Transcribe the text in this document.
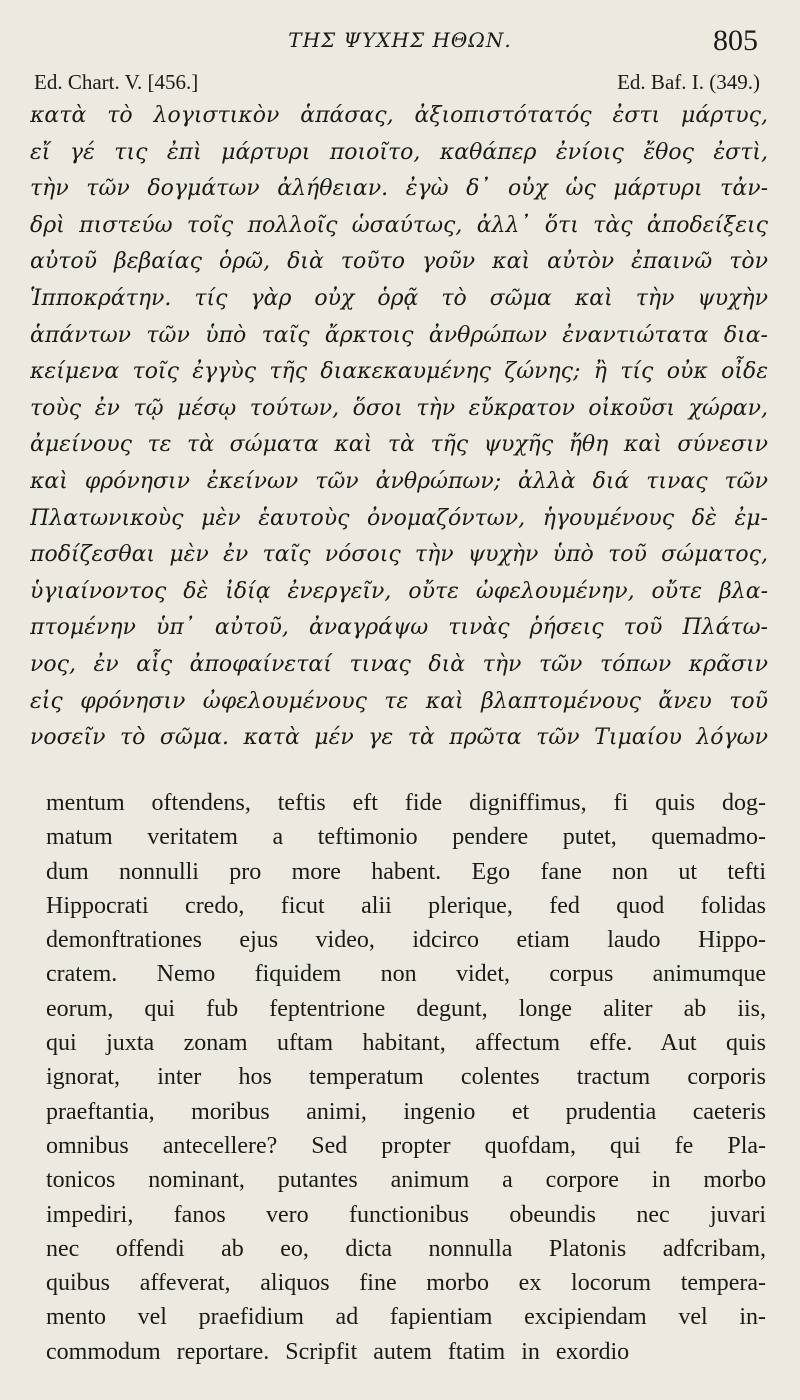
ΤΗΣ ΨΥΧΗΣ ΗΘΩΝ.	805
Ed. Chart. V. [456.]	Ed. Baf. I. (349.)
κατὰ τὸ λογιστικὸν ἁπάσας, ἀξιοπιστότατός ἐστι μάρτυς,
εἴ γέ τις ἐπὶ μάρτυρι ποιοῖτο, καθάπερ ἐνίοις ἔθος ἐστὶ,
τὴν τῶν δογμάτων ἀλήθειαν. ἐγὼ δ᾽ οὐχ ὡς μάρτυρι τἀν-
δρὶ πιστεύω τοῖς πολλοῖς ὡσαύτως, ἀλλ᾽ ὅτι τὰς ἀποδείξεις
αὐτοῦ βεβαίας ὁρῶ, διὰ τοῦτο γοῦν καὶ αὐτὸν ἐπαινῶ τὸν
Ἱπποκράτην. τίς γὰρ οὐχ ὁρᾷ τὸ σῶμα καὶ τὴν ψυχὴν
ἁπάντων τῶν ὑπὸ ταῖς ἄρκτοις ἀνθρώπων ἐναντιώτατα δια-
κείμενα τοῖς ἐγγὺς τῆς διακεκαυμένης ζώνης; ἢ τίς οὐκ οἶδε
τοὺς ἐν τῷ μέσῳ τούτων, ὅσοι τὴν εὔκρατον οἰκοῦσι χώραν,
ἀμείνους τε τὰ σώματα καὶ τὰ τῆς ψυχῆς ἤθη καὶ σύνεσιν
καὶ φρόνησιν ἐκείνων τῶν ἀνθρώπων; ἀλλὰ διά τινας τῶν
Πλατωνικοὺς μὲν ἑαυτοὺς ὀνομαζόντων, ἡγουμένους δὲ ἐμ-
ποδίζεσθαι μὲν ἐν ταῖς νόσοις τὴν ψυχὴν ὑπὸ τοῦ σώματος,
ὑγιαίνοντος δὲ ἰδίᾳ ἐνεργεῖν, οὔτε ὠφελουμένην, οὔτε βλα-
πτομένην ὑπ᾽ αὐτοῦ, ἀναγράψω τινὰς ῥήσεις τοῦ Πλάτω-
νος, ἐν αἷς ἀποφαίνεταί τινας διὰ τὴν τῶν τόπων κρᾶσιν
εἰς φρόνησιν ὠφελουμένους τε καὶ βλαπτομένους ἄνευ τοῦ
νοσεῖν τὸ σῶμα. κατὰ μέν γε τὰ πρῶτα τῶν Τιμαίου λόγων
mentum oftendens, teftis eft fide digniffimus, fi quis dog-
matum veritatem a teftimonio pendere putet, quemadmo-
dum nonnulli pro more habent. Ego fane non ut tefti
Hippocrati credo, ficut alii plerique, fed quod folidas
demonftrationes ejus video, idcirco etiam laudo Hippo-
cratem. Nemo fiquidem non videt, corpus animumque
eorum, qui fub feptentrione degunt, longe aliter ab iis,
qui juxta zonam uftam habitant, affectum effe. Aut quis
ignorat, inter hos temperatum colentes tractum corporis
praeftantia, moribus animi, ingenio et prudentia caeteris
omnibus antecellere? Sed propter quofdam, qui fe Pla-
tonicos nominant, putantes animum a corpore in morbo
impediri, fanos vero functionibus obeundis nec juvari
nec offendi ab eo, dicta nonnulla Platonis adfcribam,
quibus affeverat, aliquos fine morbo ex locorum tempera-
mento vel praefidium ad fapientiam excipiendam vel in-
commodum reportare. Scripfit autem ftatim in exordio
